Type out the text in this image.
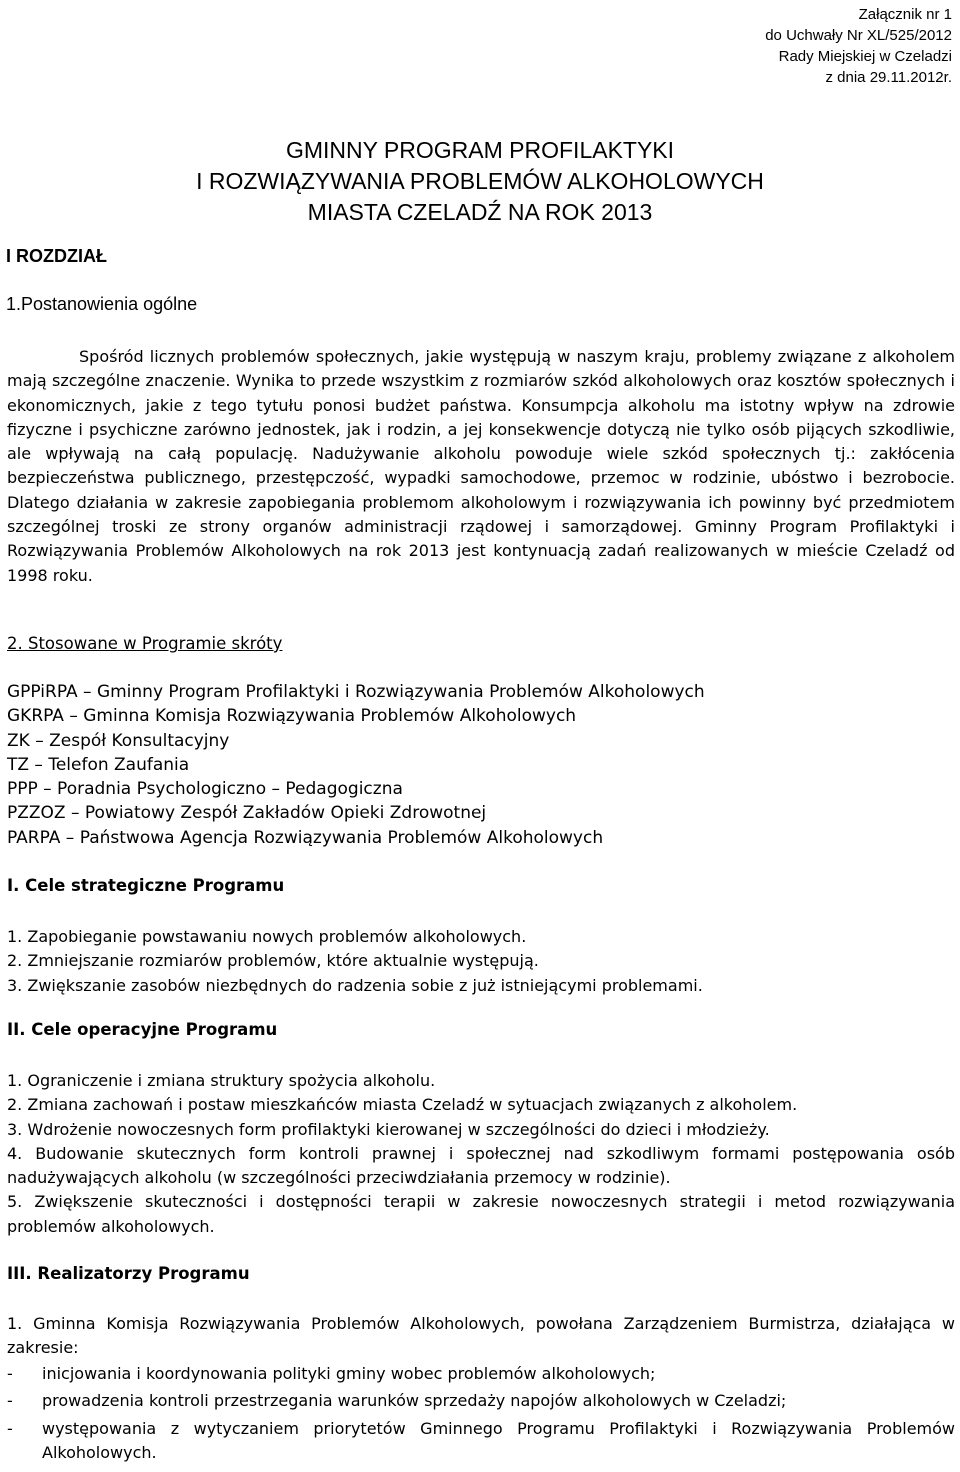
Załącznik nr 1
do Uchwały Nr XL/525/2012
Rady Miejskiej w Czeladzi
z dnia 29.11.2012r.
GMINNY PROGRAM PROFILAKTYKI
I ROZWIĄZYWANIA PROBLEMÓW ALKOHOLOWYCH
MIASTA CZELADŹ NA ROK 2013
I ROZDZIAŁ
1.Postanowienia ogólne
Spośród licznych problemów społecznych, jakie występują w naszym kraju, problemy związane z alkoholem mają szczególne znaczenie. Wynika to przede wszystkim z rozmiarów szkód alkoholowych oraz kosztów społecznych i ekonomicznych, jakie z tego tytułu ponosi budżet państwa. Konsumpcja alkoholu ma istotny wpływ na zdrowie fizyczne i psychiczne zarówno jednostek, jak i rodzin, a jej konsekwencje dotyczą nie tylko osób pijących szkodliwie, ale wpływają na całą populację. Nadużywanie alkoholu powoduje wiele szkód społecznych tj.: zakłócenia bezpieczeństwa publicznego, przestępczość, wypadki samochodowe, przemoc w rodzinie, ubóstwo i bezrobocie. Dlatego działania w zakresie zapobiegania problemom alkoholowym i rozwiązywania ich powinny być przedmiotem szczególnej troski ze strony organów administracji rządowej i samorządowej. Gminny Program Profilaktyki i Rozwiązywania Problemów Alkoholowych na rok 2013 jest kontynuacją zadań realizowanych w mieście Czeladź od 1998 roku.
2. Stosowane w Programie skróty
GPPiRPA – Gminny Program Profilaktyki i Rozwiązywania Problemów Alkoholowych
GKRPA – Gminna Komisja Rozwiązywania Problemów Alkoholowych
ZK – Zespół Konsultacyjny
TZ – Telefon Zaufania
PPP – Poradnia Psychologiczno – Pedagogiczna
PZZOZ – Powiatowy Zespół Zakładów Opieki Zdrowotnej
PARPA – Państwowa Agencja Rozwiązywania Problemów Alkoholowych
I. Cele strategiczne Programu
1. Zapobieganie powstawaniu nowych problemów alkoholowych.
2. Zmniejszanie rozmiarów problemów, które aktualnie występują.
3. Zwiększanie zasobów niezbędnych do radzenia sobie z już istniejącymi problemami.
II. Cele operacyjne Programu
1. Ograniczenie i zmiana struktury spożycia alkoholu.
2. Zmiana zachowań i postaw mieszkańców miasta Czeladź w sytuacjach związanych z alkoholem.
3. Wdrożenie nowoczesnych form profilaktyki kierowanej w szczególności do dzieci i młodzieży.
4. Budowanie skutecznych form kontroli prawnej i społecznej nad szkodliwym formami postępowania osób nadużywających alkoholu (w szczególności przeciwdziałania przemocy w rodzinie).
5. Zwiększenie skuteczności i dostępności terapii w zakresie nowoczesnych strategii i metod rozwiązywania problemów alkoholowych.
III. Realizatorzy Programu
1. Gminna Komisja Rozwiązywania Problemów Alkoholowych, powołana Zarządzeniem Burmistrza, działająca w zakresie:
-	inicjowania i koordynowania polityki gminy wobec problemów alkoholowych;
-	prowadzenia kontroli przestrzegania warunków sprzedaży napojów alkoholowych w Czeladzi;
-	występowania z wytyczaniem priorytetów Gminnego Programu Profilaktyki i Rozwiązywania Problemów Alkoholowych.
